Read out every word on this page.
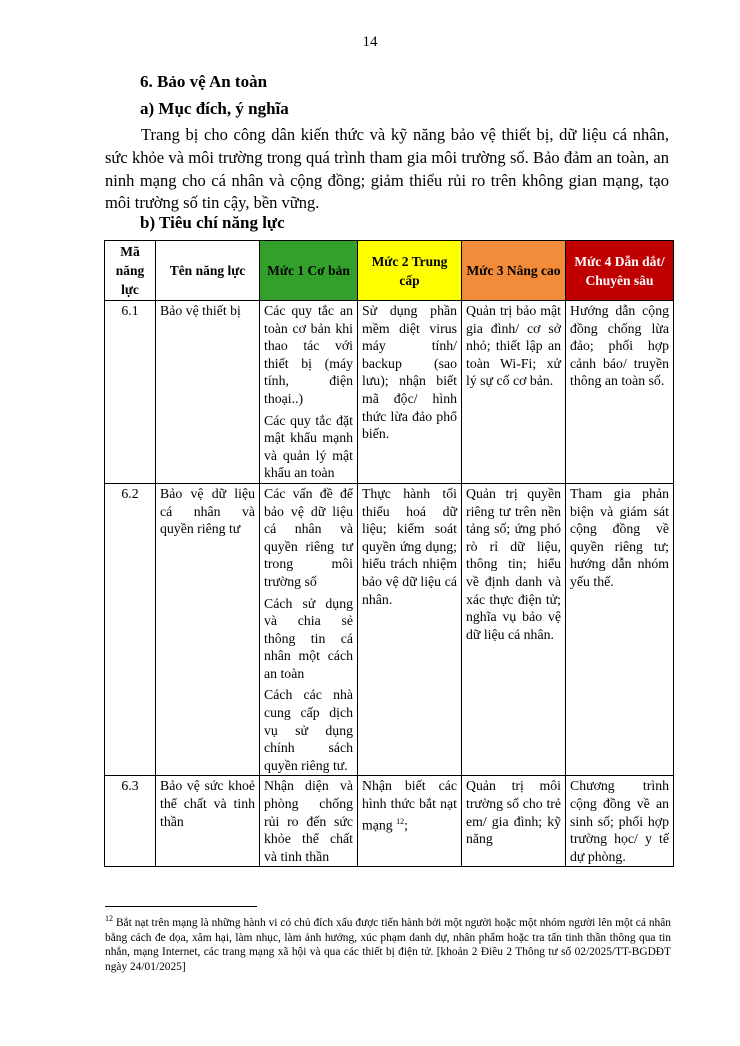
14
6. Bảo vệ An toàn
a) Mục đích, ý nghĩa
Trang bị cho công dân kiến thức và kỹ năng bảo vệ thiết bị, dữ liệu cá nhân, sức khỏe và môi trường trong quá trình tham gia môi trường số. Bảo đảm an toàn, an ninh mạng cho cá nhân và cộng đồng; giảm thiểu rủi ro trên không gian mạng, tạo môi trường số tin cậy, bền vững.
b) Tiêu chí năng lực
Mã năng lực	Tên năng lực	Mức 1 Cơ bản	Mức 2 Trung cấp	Mức 3 Nâng cao	Mức 4 Dẫn dắt/ Chuyên sâu
6.1	Bảo vệ thiết bị	Các quy tắc an toàn cơ bản khi thao tác với thiết bị (máy tính, điện thoại..)

Các quy tắc đặt mật khẩu mạnh và quản lý mật khẩu an toàn	Sử dụng phần mềm diệt virus máy tính/ backup (sao lưu); nhận biết mã độc/ hình thức lừa đảo phổ biến.	Quản trị bảo mật gia đình/ cơ sở nhỏ; thiết lập an toàn Wi-Fi; xử lý sự cố cơ bản.	Hướng dẫn cộng đồng chống lừa đảo; phối hợp cảnh báo/ truyền thông an toàn số.

6.2	Bảo vệ dữ liệu cá nhân và quyền riêng tư	Các vấn đề để bảo vệ dữ liệu cá nhân và quyền riêng tư trong môi trường số

Cách sử dụng và chia sẻ thông tin cá nhân một cách an toàn

Cách các nhà cung cấp dịch vụ sử dụng chính sách quyền riêng tư.	Thực hành tối thiểu hoá dữ liệu; kiểm soát quyền ứng dụng; hiểu trách nhiệm bảo vệ dữ liệu cá nhân.	Quản trị quyền riêng tư trên nền tảng số; ứng phó rò rỉ dữ liệu, thông tin; hiểu về định danh và xác thực điện tử; nghĩa vụ bảo vệ dữ liệu cá nhân.	Tham gia phản biện và giám sát cộng đồng về quyền riêng tư; hướng dẫn nhóm yếu thế.

6.3	Bảo vệ sức khoẻ thể chất và tinh thần	Nhận diện và phòng chống rủi ro đến sức khỏe thể chất và tinh thần	Nhận biết các hình thức bắt nạt mạng $^{12}$;	Quản trị môi trường số cho trẻ em/ gia đình; kỹ năng	Chương trình cộng đồng về an sinh số; phối hợp trường học/ y tế dự phòng.

$^{12}$ Bắt nạt trên mạng là những hành vi có chủ đích xấu được tiến hành bởi một người hoặc một nhóm người lên một cá nhân bằng cách đe dọa, xâm hại, làm nhục, làm ảnh hưởng, xúc phạm danh dự, nhân phẩm hoặc tra tấn tinh thần thông qua tin nhắn, mạng Internet, các trang mạng xã hội và qua các thiết bị điện tử. [khoản 2 Điều 2 Thông tư số 02/2025/TT-BGDĐT ngày 24/01/2025]
